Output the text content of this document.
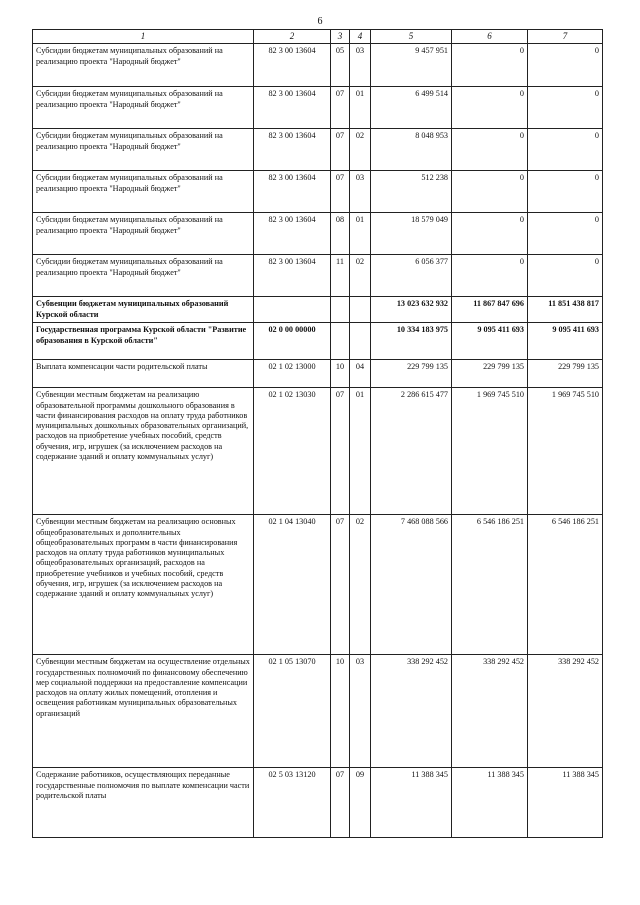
6
1	2	3	4	5	6	7
Субсидии бюджетам муниципальных образований на реализацию проекта "Народный бюджет"	82 3 00 13604	05	03	9 457 951	0	0
Субсидии бюджетам муниципальных образований на реализацию проекта "Народный бюджет"	82 3 00 13604	07	01	6 499 514	0	0
Субсидии бюджетам муниципальных образований на реализацию проекта "Народный бюджет"	82 3 00 13604	07	02	8 048 953	0	0
Субсидии бюджетам муниципальных образований на реализацию проекта "Народный бюджет"	82 3 00 13604	07	03	512 238	0	0
Субсидии бюджетам муниципальных образований на реализацию проекта "Народный бюджет"	82 3 00 13604	08	01	18 579 049	0	0
Субсидии бюджетам муниципальных образований на реализацию проекта "Народный бюджет"	82 3 00 13604	11	02	6 056 377	0	0
Субвенции бюджетам муниципальных образований Курской области				13 023 632 932	11 867 847 696	11 851 438 817
Государственная программа Курской области "Развитие образования в Курской области"	02 0 00 00000			10 334 183 975	9 095 411 693	9 095 411 693
Выплата компенсации части родительской платы	02 1 02 13000	10	04	229 799 135	229 799 135	229 799 135
Субвенции местным бюджетам на реализацию образовательной программы дошкольного образования в части финансирования расходов на оплату труда работников муниципальных дошкольных образовательных организаций, расходов на приобретение учебных пособий, средств обучения, игр, игрушек (за исключением расходов на содержание зданий и оплату коммунальных услуг)	02 1 02 13030	07	01	2 286 615 477	1 969 745 510	1 969 745 510
Субвенции местным бюджетам на реализацию основных общеобразовательных и дополнительных общеобразовательных программ в части финансирования расходов на оплату труда работников муниципальных общеобразовательных организаций, расходов на приобретение учебников и учебных пособий, средств обучения, игр, игрушек (за исключением расходов на содержание зданий и оплату коммунальных услуг)	02 1 04 13040	07	02	7 468 088 566	6 546 186 251	6 546 186 251
Субвенции местным бюджетам на осуществление отдельных государственных полномочий по финансовому обеспечению мер социальной поддержки на предоставление компенсации расходов на оплату жилых помещений, отопления и освещения работникам муниципальных образовательных организаций	02 1 05 13070	10	03	338 292 452	338 292 452	338 292 452
Содержание работников, осуществляющих переданные государственные полномочия по выплате компенсации части родительской платы	02 5 03 13120	07	09	11 388 345	11 388 345	11 388 345
